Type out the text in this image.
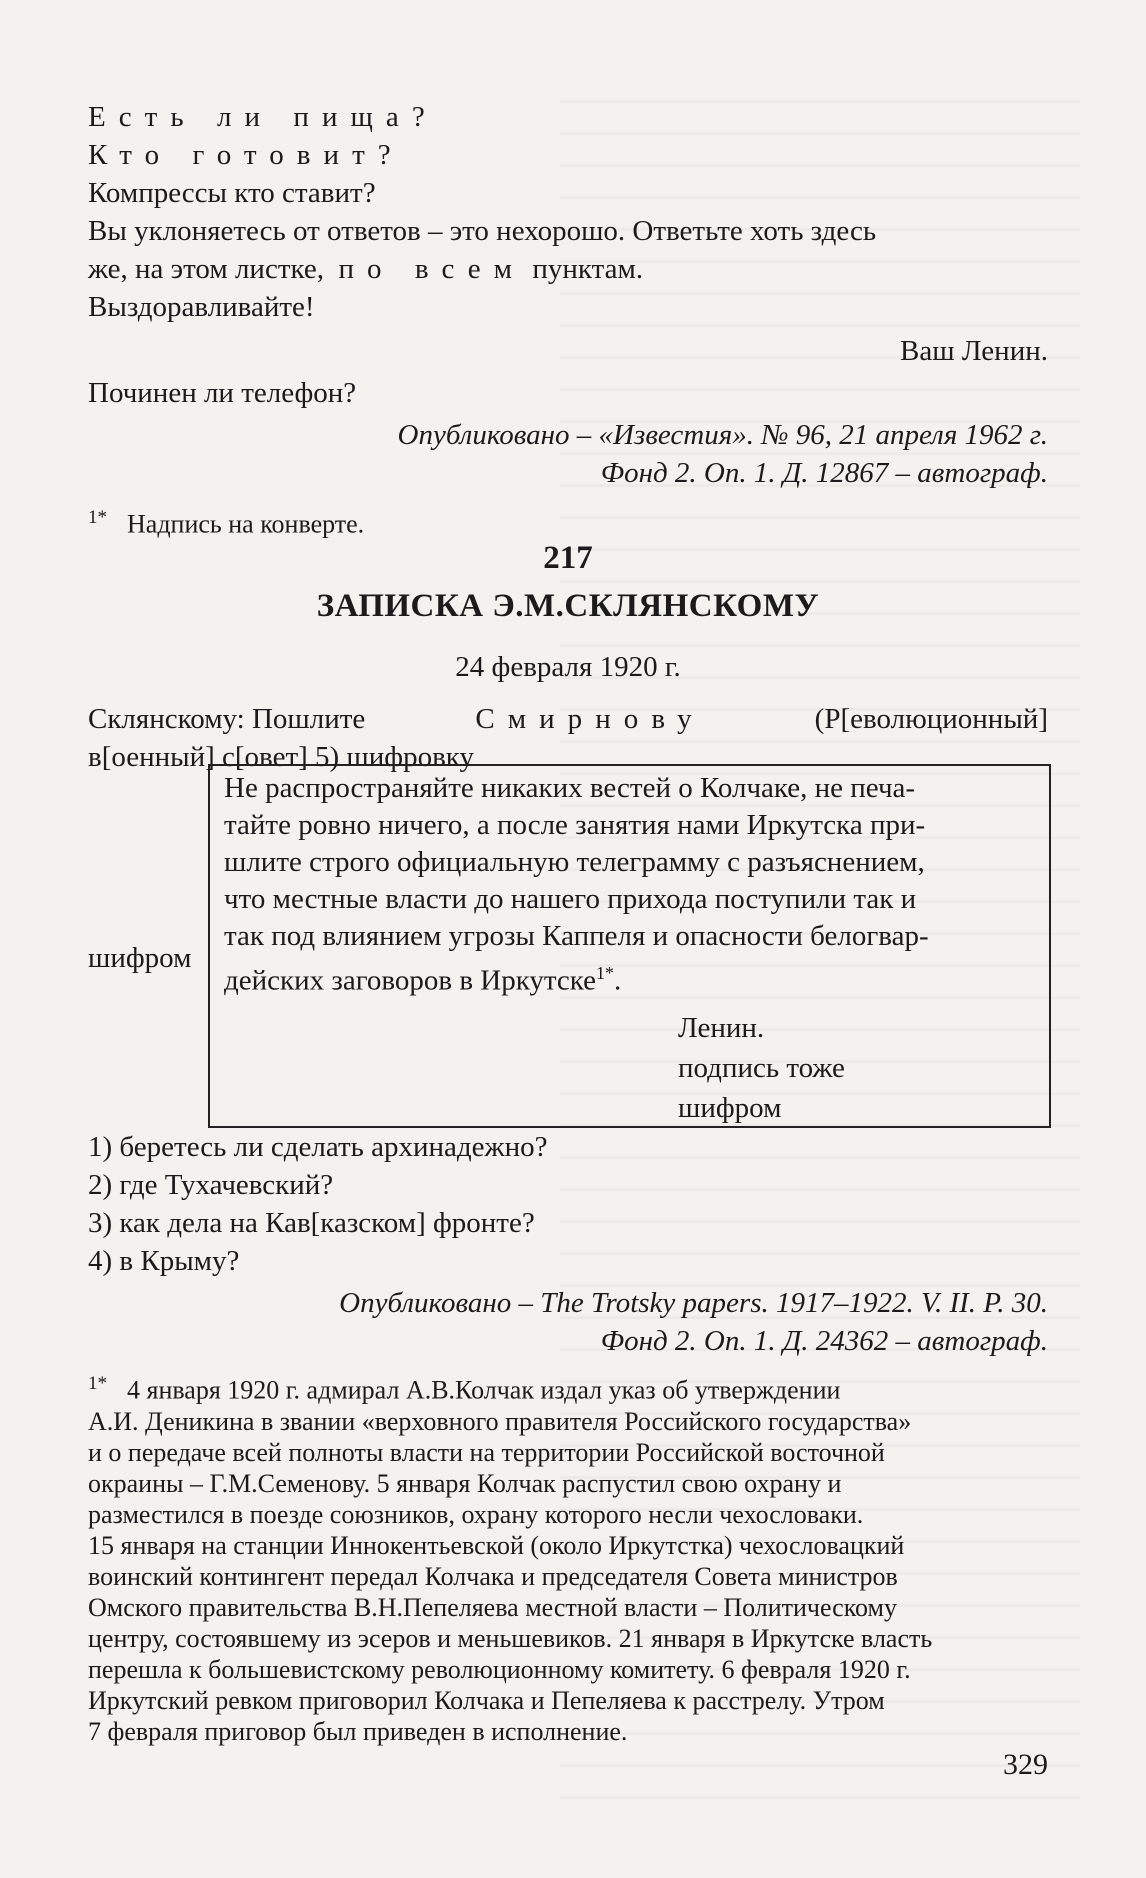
Есть ли пища?
Кто готовит?
Компрессы кто ставит?
Вы уклоняетесь от ответов – это нехорошо. Ответьте хоть здесь
же, на этом листке, по всем пунктам.
Выздоравливайте!
Ваш Ленин.
Починен ли телефон?
Опубликовано – «Известия». № 96, 21 апреля 1962 г.
Фонд 2. Оп. 1. Д. 12867 – автограф.
$^{1*}$ Надпись на конверте.
217
ЗАПИСКА Э.М.СКЛЯНСКОМУ
24 февраля 1920 г.
Склянскому: Пошлите	Смирнову	(Р[еволюционный]
в[оенный] с[овет] 5) шифровку
шифром
Не распространяйте никаких вестей о Колчаке, не печа-
тайте ровно ничего, а после занятия нами Иркутска при-
шлите строго официальную телеграмму с разъяснением,
что местные власти до нашего прихода поступили так и
так под влиянием угрозы Каппеля и опасности белогвар-
дейских заговоров в Иркутске$^{1*}$.
Ленин.
подпись тоже
шифром
1) беретесь ли сделать архинадежно?
2) где Тухачевский?
3) как дела на Кав[казском] фронте?
4) в Крыму?
Опубликовано – The Trotsky papers. 1917–1922. V. II. P. 30.
Фонд 2. Оп. 1. Д. 24362 – автограф.

$^{1*}$ 4 января 1920 г. адмирал А.В.Колчак издал указ об утверждении

А.И. Деникина в звании «верховного правителя Российского государства»

и о передаче всей полноты власти на территории Российской восточной

окраины – Г.М.Семенову. 5 января Колчак распустил свою охрану и

разместился в поезде союзников, охрану которого несли чехословаки.

15 января на станции Иннокентьевской (около Иркутстка) чехословацкий

воинский контингент передал Колчака и председателя Совета министров

Омского правительства В.Н.Пепеляева местной власти – Политическому

центру, состоявшему из эсеров и меньшевиков. 21 января в Иркутске власть

перешла к большевистскому революционному комитету. 6 февраля 1920 г.

Иркутский ревком приговорил Колчака и Пепеляева к расстрелу. Утром

7 февраля приговор был приведен в исполнение.

329
